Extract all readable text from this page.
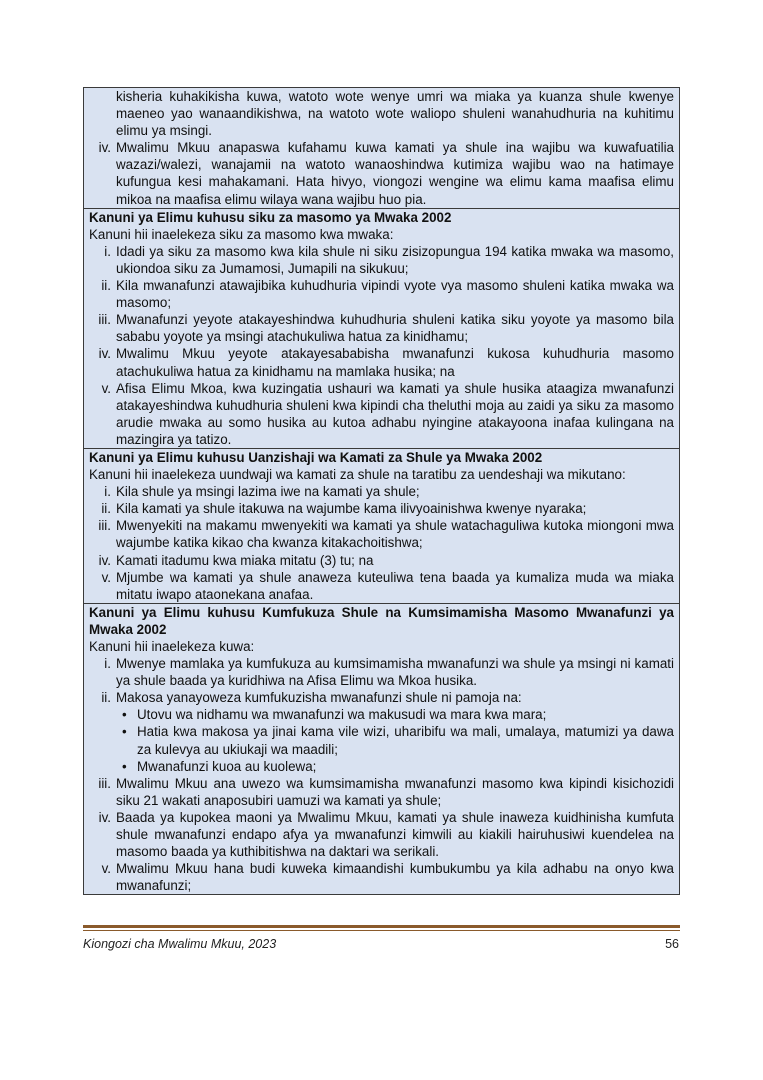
kisheria kuhakikisha kuwa, watoto wote wenye umri wa miaka ya kuanza shule kwenye maeneo yao wanaandikishwa, na watoto wote waliopo shuleni wanahudhuria na kuhitimu elimu ya msingi.
iv. Mwalimu Mkuu anapaswa kufahamu kuwa kamati ya shule ina wajibu wa kuwafuatilia wazazi/walezi, wanajamii na watoto wanaoshindwa kutimiza wajibu wao na hatimaye kufungua kesi mahakamani. Hata hivyo, viongozi wengine wa elimu kama maafisa elimu mikoa na maafisa elimu wilaya wana wajibu huo pia.

Kanuni ya Elimu kuhusu siku za masomo ya Mwaka 2002
Kanuni hii inaelekeza siku za masomo kwa mwaka:
i. Idadi ya siku za masomo kwa kila shule ni siku zisizopungua 194 katika mwaka wa masomo, ukiondoa siku za Jumamosi, Jumapili na sikukuu;
ii. Kila mwanafunzi atawajibika kuhudhuria vipindi vyote vya masomo shuleni katika mwaka wa masomo;
iii. Mwanafunzi yeyote atakayeshindwa kuhudhuria shuleni katika siku yoyote ya masomo bila sababu yoyote ya msingi atachukuliwa hatua za kinidhamu;
iv. Mwalimu Mkuu yeyote atakayesababisha mwanafunzi kukosa kuhudhuria masomo atachukuliwa hatua za kinidhamu na mamlaka husika; na
v. Afisa Elimu Mkoa, kwa kuzingatia ushauri wa kamati ya shule husika ataagiza mwanafunzi atakayeshindwa kuhudhuria shuleni kwa kipindi cha theluthi moja au zaidi ya siku za masomo arudie mwaka au somo husika au kutoa adhabu nyingine atakayoona inafaa kulingana na mazingira ya tatizo.

Kanuni ya Elimu kuhusu Uanzishaji wa Kamati za Shule ya Mwaka 2002
Kanuni hii inaelekeza uundwaji wa kamati za shule na taratibu za uendeshaji wa mikutano:
i. Kila shule ya msingi lazima iwe na kamati ya shule;
ii. Kila kamati ya shule itakuwa na wajumbe kama ilivyoainishwa kwenye nyaraka;
iii. Mwenyekiti na makamu mwenyekiti wa kamati ya shule watachaguliwa kutoka miongoni mwa wajumbe katika kikao cha kwanza kitakachoitishwa;
iv. Kamati itadumu kwa miaka mitatu (3) tu; na
v. Mjumbe wa kamati ya shule anaweza kuteuliwa tena baada ya kumaliza muda wa miaka mitatu iwapo ataonekana anafaa.

Kanuni ya Elimu kuhusu Kumfukuza Shule na Kumsimamisha Masomo Mwanafunzi ya Mwaka 2002
Kanuni hii inaelekeza kuwa:
i. Mwenye mamlaka ya kumfukuza au kumsimamisha mwanafunzi wa shule ya msingi ni kamati ya shule baada ya kuridhiwa na Afisa Elimu wa Mkoa husika.
ii. Makosa yanayoweza kumfukuzisha mwanafunzi shule ni pamoja na:
• Utovu wa nidhamu wa mwanafunzi wa makusudi wa mara kwa mara;
• Hatia kwa makosa ya jinai kama vile wizi, uharibifu wa mali, umalaya, matumizi ya dawa za kulevya au ukiukaji wa maadili;
• Mwanafunzi kuoa au kuolewa;
iii. Mwalimu Mkuu ana uwezo wa kumsimamisha mwanafunzi masomo kwa kipindi kisichozidi siku 21 wakati anaposubiri uamuzi wa kamati ya shule;
iv. Baada ya kupokea maoni ya Mwalimu Mkuu, kamati ya shule inaweza kuidhinisha kumfuta shule mwanafunzi endapo afya ya mwanafunzi kimwili au kiakili hairuhusiwi kuendelea na masomo baada ya kuthibitishwa na daktari wa serikali.
v. Mwalimu Mkuu hana budi kuweka kimaandishi kumbukumbu ya kila adhabu na onyo kwa mwanafunzi;
Kiongozi cha Mwalimu Mkuu, 2023	56
